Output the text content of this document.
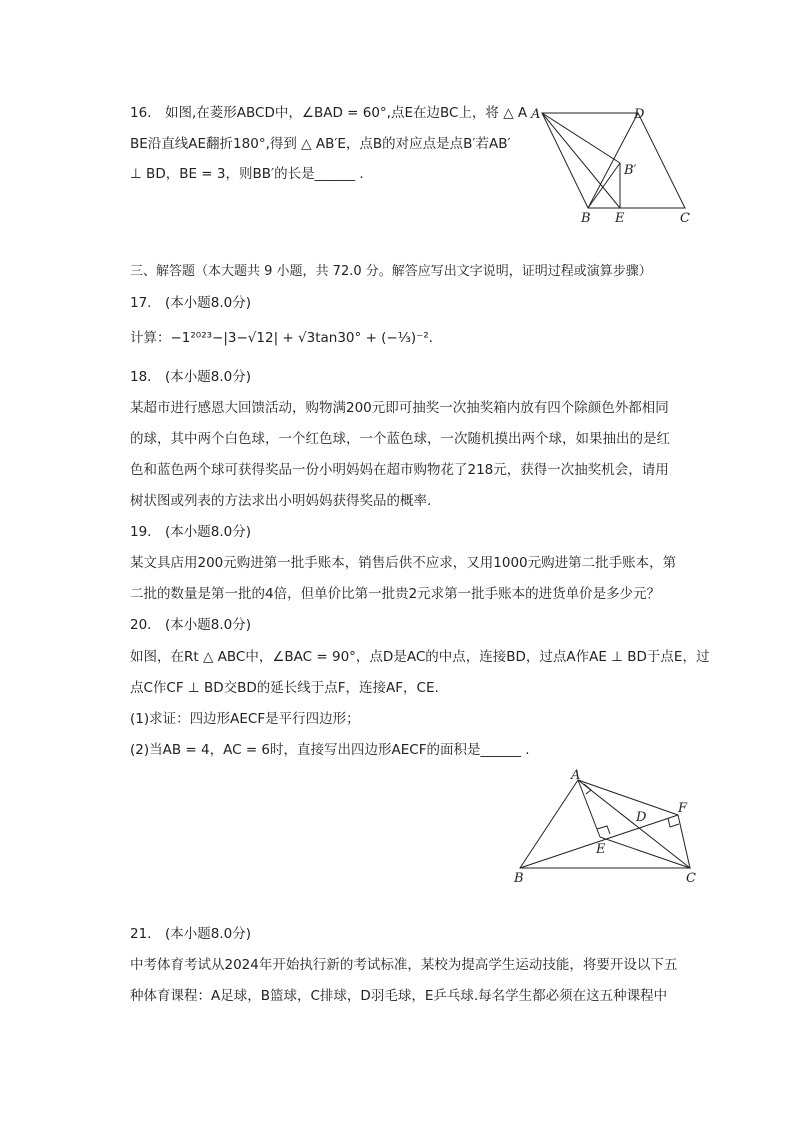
16.　如图,在菱形ABCD中，∠BAD = 60°,点E在边BC上，将 △ A
BE沿直线AE翻折180°,得到 △ AB′E，点B的对应点是点B′若AB′
⊥ BD，BE = 3，则BB′的长是______ .
A	D
B′
B E	C
三、解答题（本大题共 9 小题，共 72.0 分。解答应写出文字说明，证明过程或演算步骤）
17.　(本小题8.0分)
计算：−1²⁰²³−|3−√12| + √3tan30° + (−⅓)⁻².
18.　(本小题8.0分)
某超市进行感恩大回馈活动，购物满200元即可抽奖一次抽奖箱内放有四个除颜色外都相同
的球，其中两个白色球，一个红色球，一个蓝色球，一次随机摸出两个球，如果抽出的是红
色和蓝色两个球可获得奖品一份小明妈妈在超市购物花了218元，获得一次抽奖机会，请用
树状图或列表的方法求出小明妈妈获得奖品的概率.
19.　(本小题8.0分)
某文具店用200元购进第一批手账本，销售后供不应求，又用1000元购进第二批手账本，第
二批的数量是第一批的4倍，但单价比第一批贵2元求第一批手账本的进货单价是多少元？
20.　(本小题8.0分)
如图，在Rt △ ABC中，∠BAC = 90°，点D是AC的中点，连接BD，过点A作AE ⊥ BD于点E，过
点C作CF ⊥ BD交BD的延长线于点F，连接AF，CE.
(1)求证：四边形AECF是平行四边形；
(2)当AB = 4，AC = 6时，直接写出四边形AECF的面积是______ .
A
F
D
E
B	C
21.　(本小题8.0分)
中考体育考试从2024年开始执行新的考试标准，某校为提高学生运动技能，将要开设以下五
种体育课程：A足球，B篮球，C排球，D羽毛球，E乒乓球.每名学生都必须在这五种课程中
